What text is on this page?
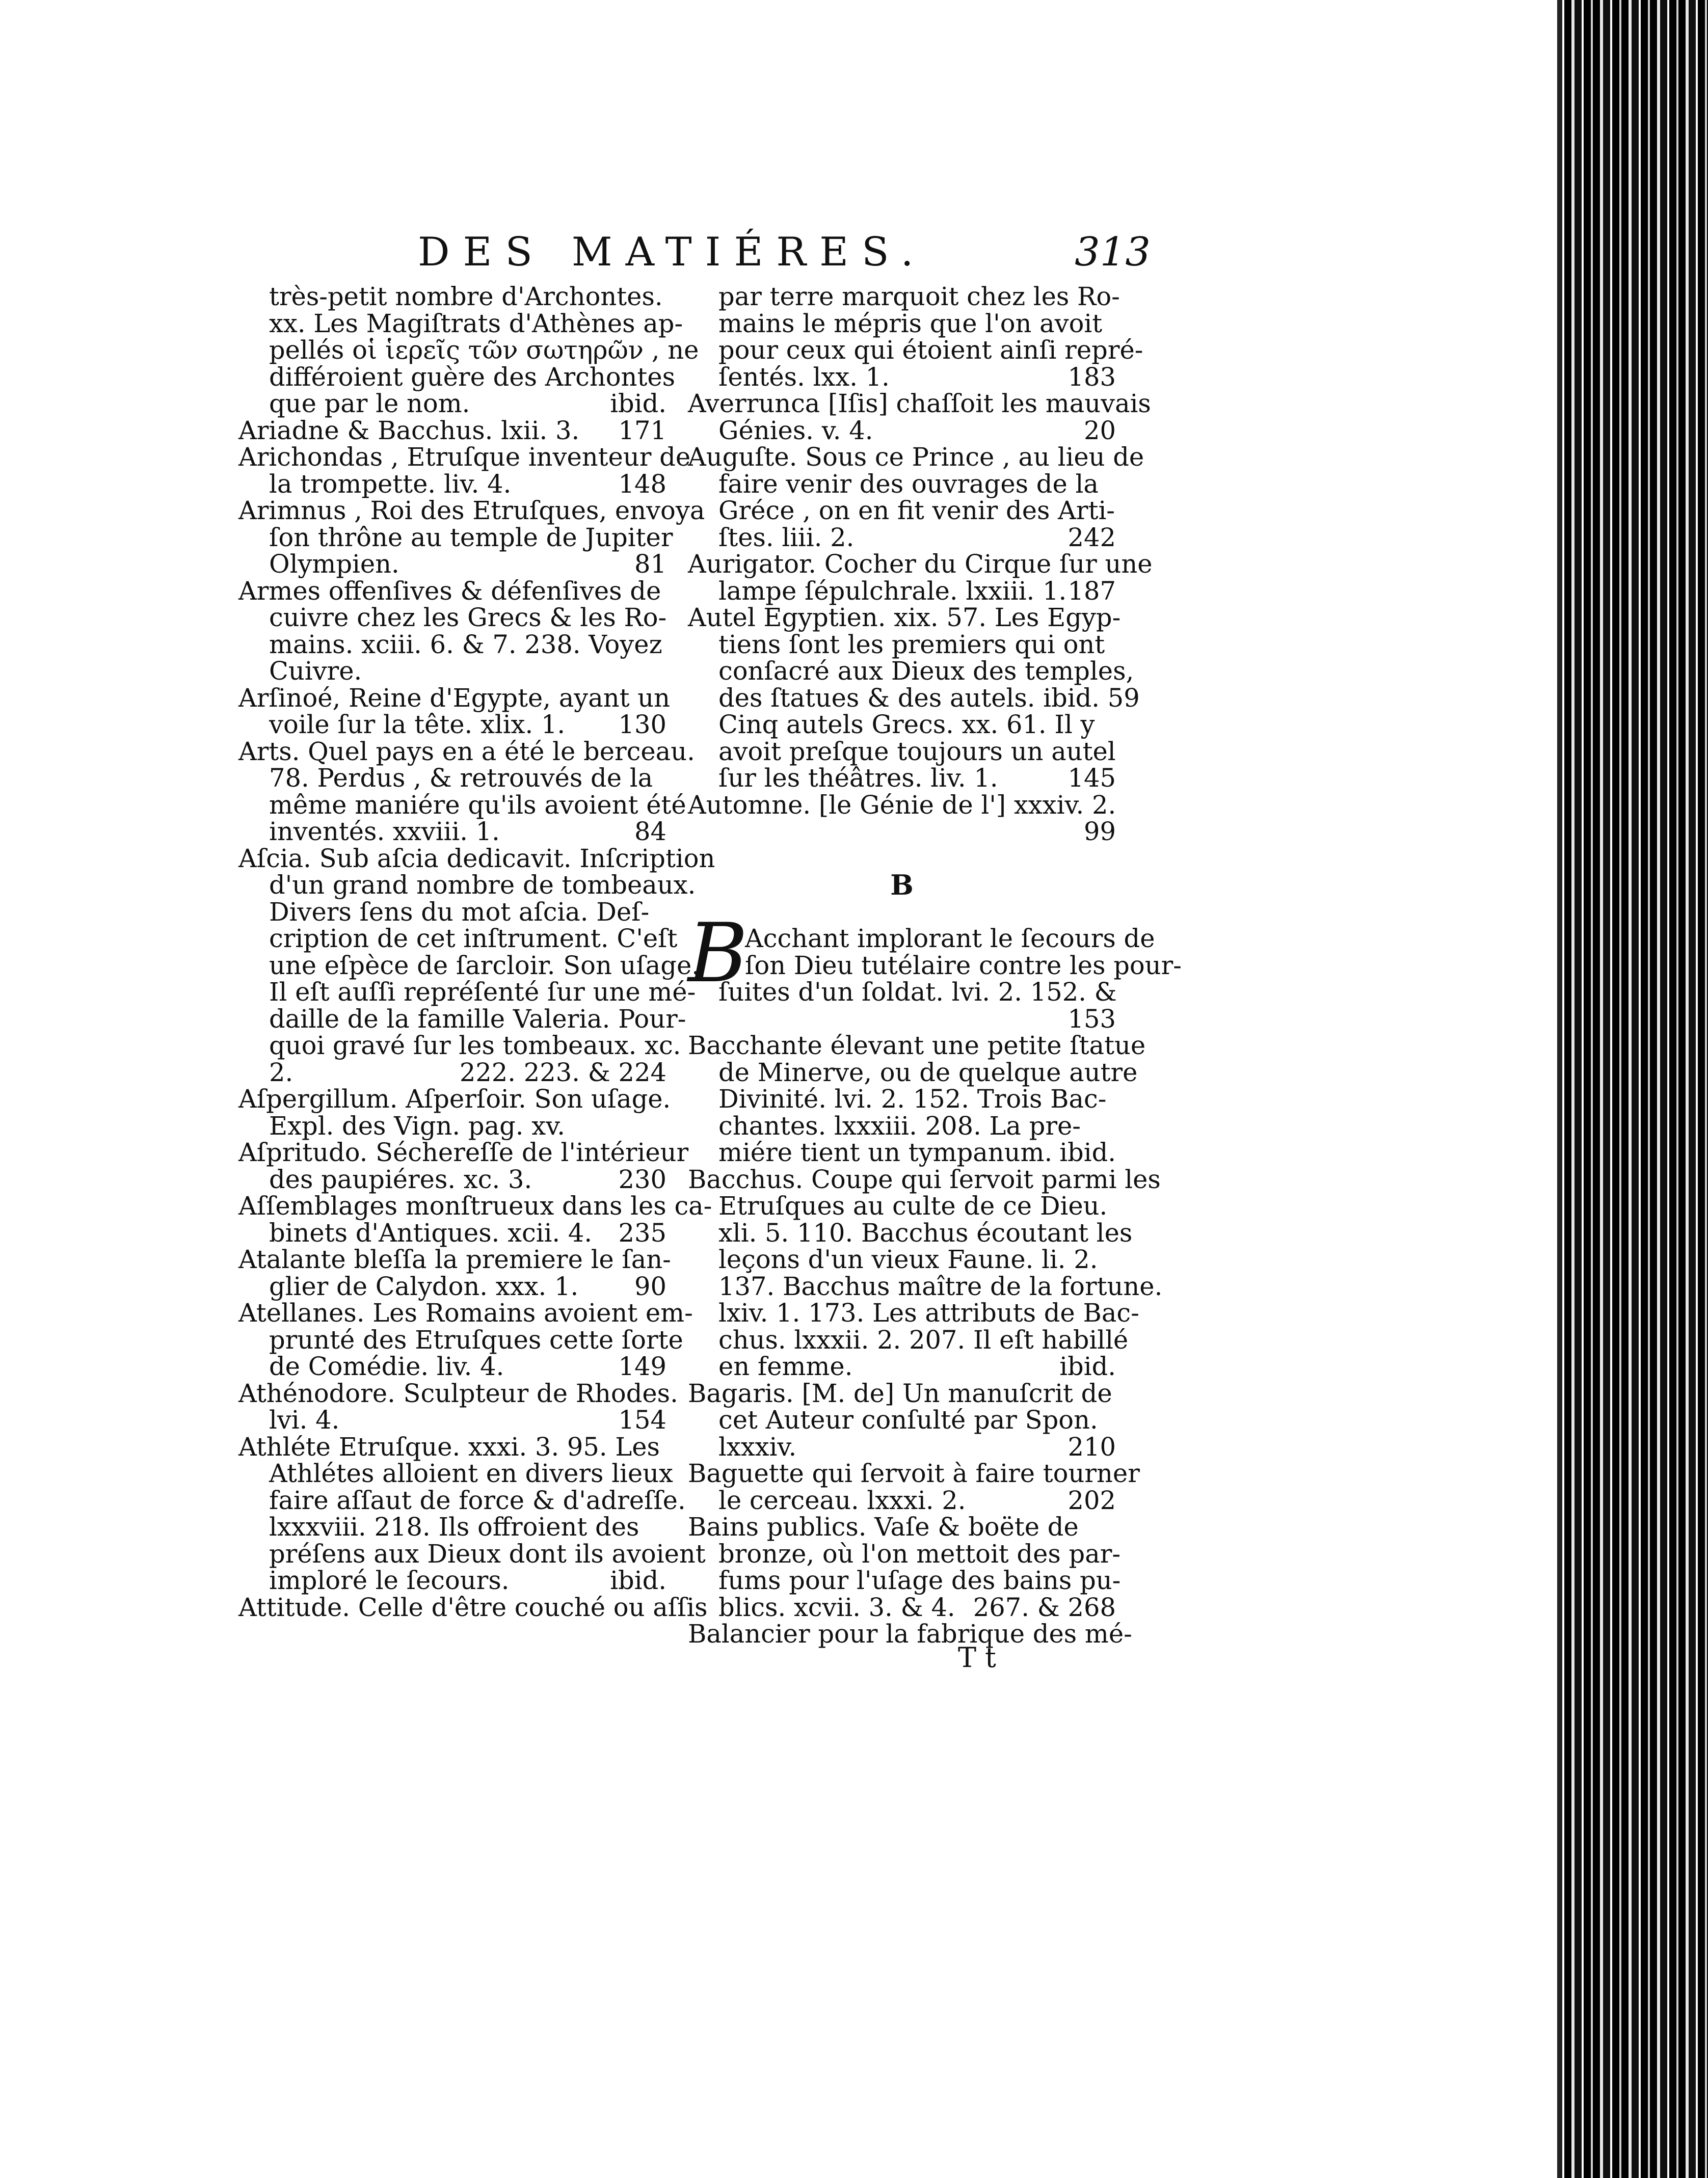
DES MATIÉRES.	313
très-petit nombre d'Archontes.
xx. Les Magiſtrats d'Athènes ap-
pellés οἱ ἱερεῖς τῶν σωτηρῶν , ne
différoient guère des Archontes
que par le nom.	ibid.
Ariadne & Bacchus. lxii. 3. 171
Arichondas , Etruſque inventeur de
la trompette. liv. 4.	148
Arimnus , Roi des Etruſques, envoya
ſon thrône au temple de Jupiter
Olympien.	81
Armes offenſives & défenſives de
cuivre chez les Grecs & les Ro-
mains. xciii. 6. & 7. 238. Voyez
Cuivre.
Arſinoé, Reine d'Egypte, ayant un
voile ſur la tête. xlix. 1. 130
Arts. Quel pays en a été le berceau.
78. Perdus , & retrouvés de la
même maniére qu'ils avoient été
inventés. xxviii. 1.	84
Aſcia. Sub aſcia dedicavit. Inſcription
d'un grand nombre de tombeaux.
Divers ſens du mot aſcia. Deſ-
cription de cet inſtrument. C'eſt
une eſpèce de ſarcloir. Son uſage.
Il eſt auſſi repréſenté ſur une mé-
daille de la famille Valeria. Pour-
quoi gravé ſur les tombeaux. xc.
2.	222. 223. & 224
Aſpergillum. Aſperſoir. Son uſage.
Expl. des Vign. pag. xv.
Aſpritudo. Séchereſſe de l'intérieur
des paupiéres. xc. 3.	230
Aſſemblages monſtrueux dans les ca-
binets d'Antiques. xcii. 4. 235
Atalante bleſſa la premiere le ſan-
glier de Calydon. xxx. 1. 90
Atellanes. Les Romains avoient em-
prunté des Etruſques cette ſorte
de Comédie. liv. 4.	149
Athénodore. Sculpteur de Rhodes.
lvi. 4.	154
Athléte Etruſque. xxxi. 3. 95. Les
Athlétes alloient en divers lieux
faire aſſaut de force & d'adreſſe.
lxxxviii. 218. Ils offroient des
préſens aux Dieux dont ils avoient
imploré le ſecours.	ibid.
Attitude. Celle d'être couché ou aſſis
par terre marquoit chez les Ro-
mains le mépris que l'on avoit
pour ceux qui étoient ainſi repré-
ſentés. lxx. 1.	183
Averrunca [Iſis] chaſſoit les mauvais
Génies. v. 4.	20
Auguſte. Sous ce Prince , au lieu de
faire venir des ouvrages de la
Gréce , on en fit venir des Arti-
ſtes. liii. 2.	242
Aurigator. Cocher du Cirque ſur une
lampe ſépulchrale. lxxiii. 1. 187
Autel Egyptien. xix. 57. Les Egyp-
tiens ſont les premiers qui ont
conſacré aux Dieux des temples,
des ſtatues & des autels. ibid. 59
Cinq autels Grecs. xx. 61. Il y
avoit preſque toujours un autel
ſur les théâtres. liv. 1.	145
Automne. [le Génie de l'] xxxiv. 2.
99
B
Acchant implorant le ſecours de
B
ſon Dieu tutélaire contre les pour-
ſuites d'un ſoldat. lvi. 2. 152. &
153
Bacchante élevant une petite ſtatue
de Minerve, ou de quelque autre
Divinité. lvi. 2. 152. Trois Bac-
chantes. lxxxiii. 208. La pre-
miére tient un tympanum. ibid.
Bacchus. Coupe qui ſervoit parmi les
Etruſques au culte de ce Dieu.
xli. 5. 110. Bacchus écoutant les
leçons d'un vieux Faune. li. 2.
137. Bacchus maître de la fortune.
lxiv. 1. 173. Les attributs de Bac-
chus. lxxxii. 2. 207. Il eſt habillé
en femme.	ibid.
Bagaris. [M. de] Un manuſcrit de
cet Auteur conſulté par Spon.
lxxxiv.	210
Baguette qui ſervoit à faire tourner
le cerceau. lxxxi. 2.	202
Bains publics. Vaſe & boëte de
bronze, où l'on mettoit des par-
fums pour l'uſage des bains pu-
blics. xcvii. 3. & 4. 267. & 268
Balancier pour la fabrique des mé-
T t
